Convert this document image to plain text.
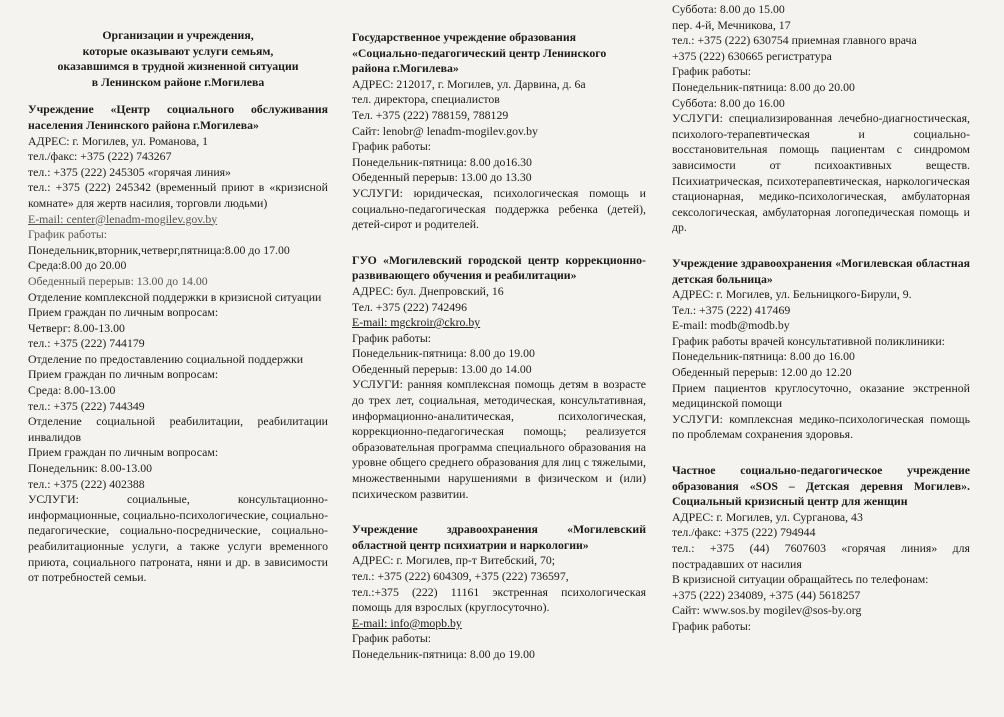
Организации и учреждения,
которые оказывают услуги семьям,
оказавшимся в трудной жизненной ситуации
в Ленинском районе г.Могилева

Учреждение «Центр социального обслуживания населения Ленинского района г.Могилева»

АДРЕС: г. Могилев, ул. Романова, 1

тел./факс: +375 (222) 743267

тел.: +375 (222) 245305 «горячая линия»

тел.: +375 (222) 245342 (временный приют в «кризисной комнате» для жертв насилия, торговли людьми)

E-mail: center@lenadm-mogilev.gov.by

График работы:

Понедельник,вторник,четверг,пятница:8.00 до 17.00

Среда:8.00 до 20.00

Обеденный перерыв: 13.00 до 14.00

Отделение комплексной поддержки в кризисной ситуации

Прием граждан по личным вопросам:

Четверг: 8.00-13.00

тел.: +375 (222) 744179

Отделение по предоставлению социальной поддержки

Прием граждан по личным вопросам:

Среда: 8.00-13.00

тел.: +375 (222) 744349

Отделение социальной реабилитации, реабилитации инвалидов

Прием граждан по личным вопросам:

Понедельник: 8.00-13.00

тел.: +375 (222) 402388

УСЛУГИ: социальные, консультационно-информационные, социально-психологические, социально-педагогические, социально-посреднические, социально-реабилитационные услуги, а также услуги временного приюта, социального патроната, няни и др. в зависимости от потребностей семьи.

Государственное учреждение образования «Социально-педагогический центр Ленинского района г.Могилева»

АДРЕС: 212017, г. Могилев, ул. Дарвина, д. 6а

тел. директора, специалистов

Тел. +375 (222) 788159, 788129

Сайт: lenobr@ lenadm-mogilev.gov.by

График работы:

Понедельник-пятница: 8.00 до16.30

Обеденный перерыв: 13.00 до 13.30

УСЛУГИ: юридическая, психологическая помощь и социально-педагогическая поддержка ребенка (детей), детей-сирот и родителей.

ГУО «Могилевский городской центр коррекционно-развивающего обучения и реабилитации»

АДРЕС: бул. Днепровский, 16

Тел. +375 (222) 742496

E-mail: mgckroir@ckro.by

График работы:

Понедельник-пятница: 8.00 до 19.00

Обеденный перерыв: 13.00 до 14.00

УСЛУГИ: ранняя комплексная помощь детям в возрасте до трех лет, социальная, методическая, консультативная, информационно-аналитическая, психологическая, коррекционно-педагогическая помощь; реализуется образовательная программа специального образования на уровне общего среднего образования для лиц с тяжелыми, множественными нарушениями в физическом и (или) психическом развитии.

Учреждение здравоохранения «Могилевский областной центр психиатрии и наркологии»

АДРЕС: г. Могилев, пр-т Витебский, 70;

тел.: +375 (222) 604309, +375 (222) 736597,

тел.:+375 (222) 11161 экстренная психологическая помощь для взрослых (круглосуточно).

E-mail: info@mopb.by

График работы:

Понедельник-пятница: 8.00 до 19.00

Суббота: 8.00 до 15.00

пер. 4-й, Мечникова, 17

тел.: +375 (222) 630754 приемная главного врача

+375 (222) 630665 регистратура

График работы:

Понедельник-пятница: 8.00 до 20.00

Суббота: 8.00 до 16.00

УСЛУГИ: специализированная лечебно-диагностическая, психолого-терапевтическая и социально-восстановительная помощь пациентам с синдромом зависимости от психоактивных веществ. Психиатрическая, психотерапевтическая, наркологическая стационарная, медико-психологическая, амбулаторная сексологическая, амбулаторная логопедическая помощь и др.

Учреждение здравоохранения «Могилевская областная детская больница»

АДРЕС: г. Могилев, ул. Бельницкого-Бирули, 9.

Тел.: +375 (222) 417469

E-mail: modb@modb.by

График работы врачей консультативной поликлиники:

Понедельник-пятница: 8.00 до 16.00

Обеденный перерыв: 12.00 до 12.20

Прием пациентов круглосуточно, оказание экстренной медицинской помощи

УСЛУГИ: комплексная медико-психологическая помощь по проблемам сохранения здоровья.

Частное социально-педагогическое учреждение образования «SOS – Детская деревня Могилев». Социальный кризисный центр для женщин

АДРЕС: г. Могилев, ул. Сурганова, 43

тел./факс: +375 (222) 794944

тел.: +375 (44) 7607603 «горячая линия» для пострадавших от насилия

В кризисной ситуации обращайтесь по телефонам:

+375 (222) 234089, +375 (44) 5618257

Сайт: www.sos.by mogilev@sos-by.org

График работы:
